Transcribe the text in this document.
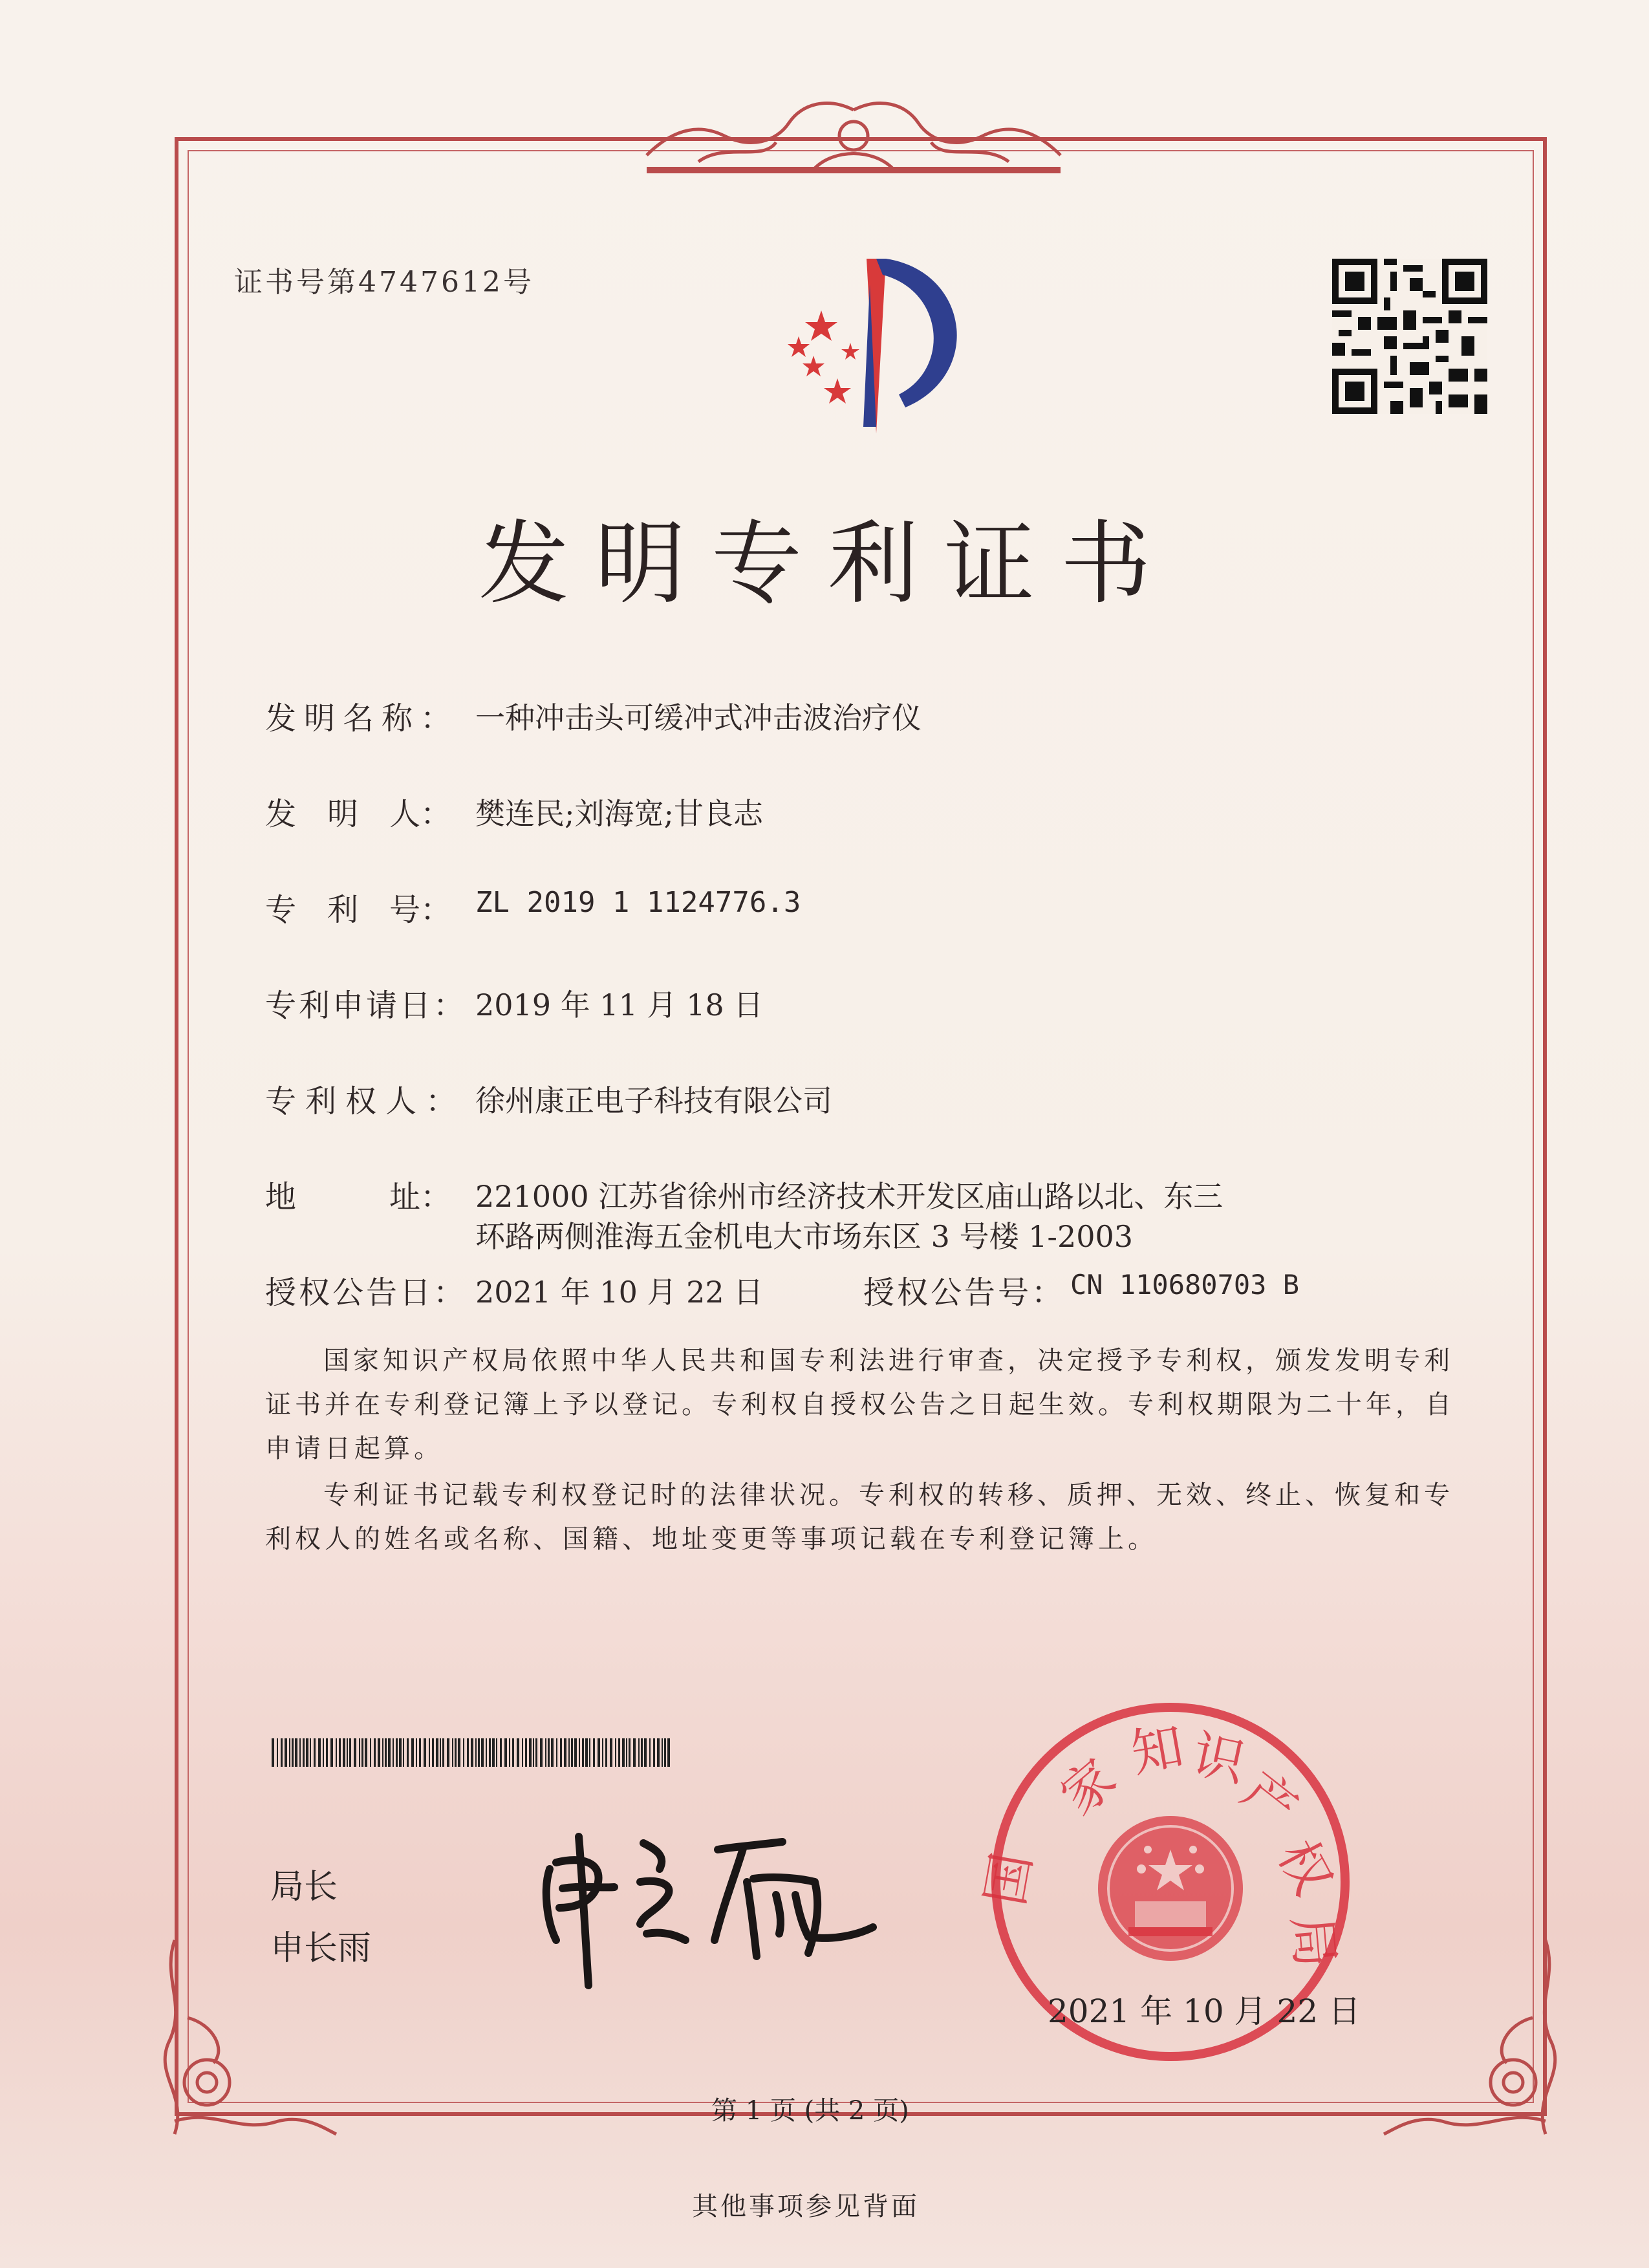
证书号第4747612号
发明专利证书
发明名称： 一种冲击头可缓冲式冲击波治疗仪
发　明　人： 樊连民;刘海宽;甘良志
专　利　号： ZL 2019 1 1124776.3
专利申请日： 2019 年 11 月 18 日
专利权人： 徐州康正电子科技有限公司
地　　　址： 221000 江苏省徐州市经济技术开发区庙山路以北、东三
环路两侧淮海五金机电大市场东区 3 号楼 1-2003
授权公告日： 2021 年 10 月 22 日	授权公告号： CN 110680703 B
国家知识产权局依照中华人民共和国专利法进行审查，决定授予专利权，颁发发明专利
证书并在专利登记簿上予以登记。专利权自授权公告之日起生效。专利权期限为二十年，自
申请日起算。
专利证书记载专利权登记时的法律状况。专利权的转移、质押、无效、终止、恢复和专
利权人的姓名或名称、国籍、地址变更等事项记载在专利登记簿上。
局长
申长雨
家
国
知
识
产
权
局
2021 年 10 月 22 日
第 1 页 (共 2 页)
其他事项参见背面
